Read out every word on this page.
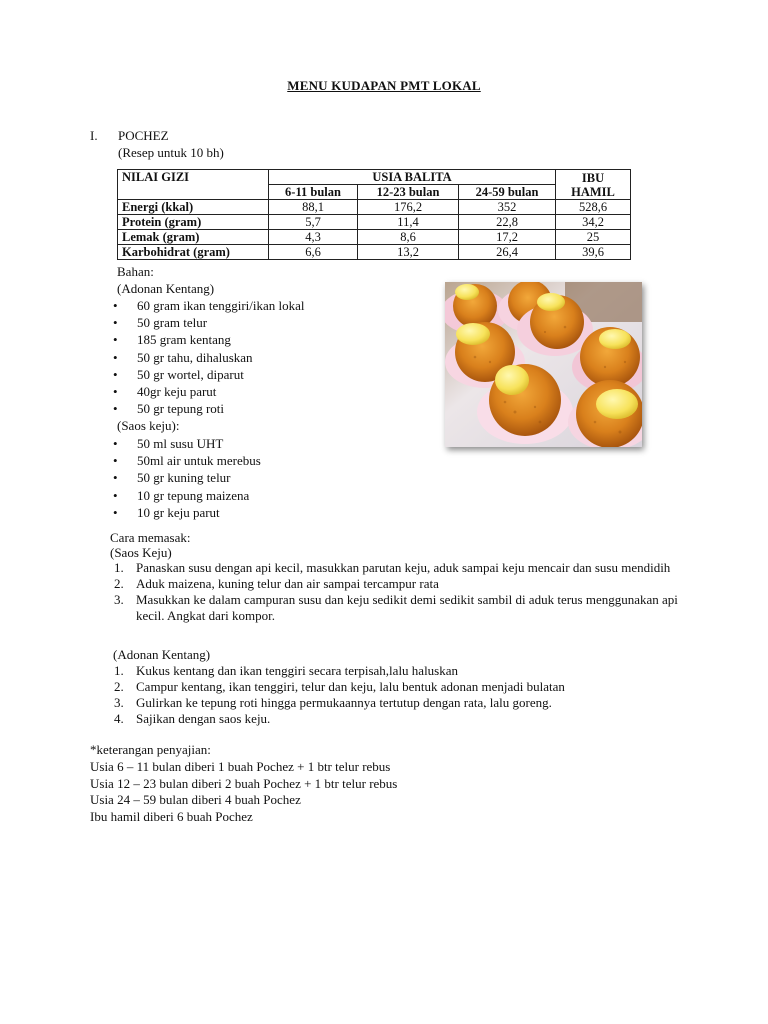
MENU KUDAPAN PMT LOKAL
I. POCHEZ
(Resep untuk 10 bh)
NILAI GIZI	USIA BALITA			IBU HAMIL
	6-11 bulan	12-23 bulan	24-59 bulan	
Energi (kkal)	88,1	176,2	352	528,6
Protein (gram)	5,7	11,4	22,8	34,2
Lemak (gram)	4,3	8,6	17,2	25
Karbohidrat (gram)	6,6	13,2	26,4	39,6
Bahan:
(Adonan Kentang)
• 60 gram ikan tenggiri/ikan lokal
• 50 gram telur
• 185 gram kentang
• 50 gr tahu, dihaluskan
• 50 gr wortel, diparut
• 40gr keju parut
• 50 gr tepung roti
(Saos keju):
• 50 ml susu UHT
• 50ml air untuk merebus
• 50 gr kuning telur
• 10 gr tepung maizena
• 10 gr keju parut
Cara memasak:
(Saos Keju)
1. Panaskan susu dengan api kecil, masukkan parutan keju, aduk sampai keju mencair dan susu mendidih
2. Aduk maizena, kuning telur dan air sampai tercampur rata
3. Masukkan ke dalam campuran susu dan keju sedikit demi sedikit sambil di aduk terus menggunakan api kecil. Angkat dari kompor.
(Adonan Kentang)
1. Kukus kentang dan ikan tenggiri secara terpisah,lalu haluskan
2. Campur kentang, ikan tenggiri, telur dan keju, lalu bentuk adonan menjadi bulatan
3. Gulirkan ke tepung roti hingga permukaannya tertutup dengan rata, lalu goreng.
4. Sajikan dengan saos keju.
*keterangan penyajian:
Usia 6 – 11 bulan diberi 1 buah Pochez + 1 btr telur rebus
Usia 12 – 23 bulan diberi 2 buah Pochez + 1 btr telur rebus
Usia 24 – 59 bulan diberi 4 buah Pochez
Ibu hamil diberi 6 buah Pochez
